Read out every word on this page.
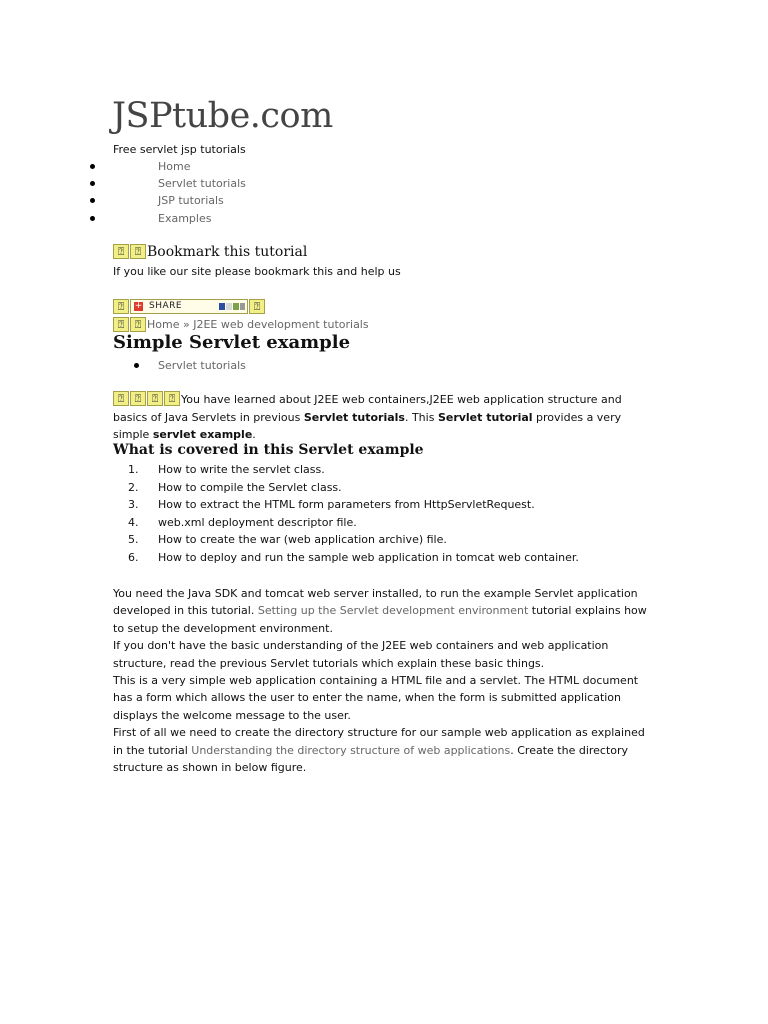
JSPtube.com
Free servlet jsp tutorials
Home
Servlet tutorials
JSP tutorials
Examples
⍰ ⍰ Bookmark this tutorial
If you like our site please bookmark this and help us
⍰ + SHARE	⍰
⍰ ⍰ Home » J2EE web development tutorials
Simple Servlet example
Servlet tutorials
⍰ ⍰ ⍰ ⍰ You have learned about J2EE web containers,J2EE web application structure and basics of Java Servlets in previous Servlet tutorials. This Servlet tutorial provides a very simple servlet example.
What is covered in this Servlet example
1. How to write the servlet class.
2. How to compile the Servlet class.
3. How to extract the HTML form parameters from HttpServletRequest.
4. web.xml deployment descriptor file.
5. How to create the war (web application archive) file.
6. How to deploy and run the sample web application in tomcat web container.

You need the Java SDK and tomcat web server installed, to run the example Servlet application developed in this tutorial. Setting up the Servlet development environment tutorial explains how to setup the development environment.

If you don't have the basic understanding of the J2EE web containers and web application structure, read the previous Servlet tutorials which explain these basic things.

This is a very simple web application containing a HTML file and a servlet. The HTML document has a form which allows the user to enter the name, when the form is submitted application displays the welcome message to the user.

First of all we need to create the directory structure for our sample web application as explained in the tutorial Understanding the directory structure of web applications. Create the directory structure as shown in below figure.
